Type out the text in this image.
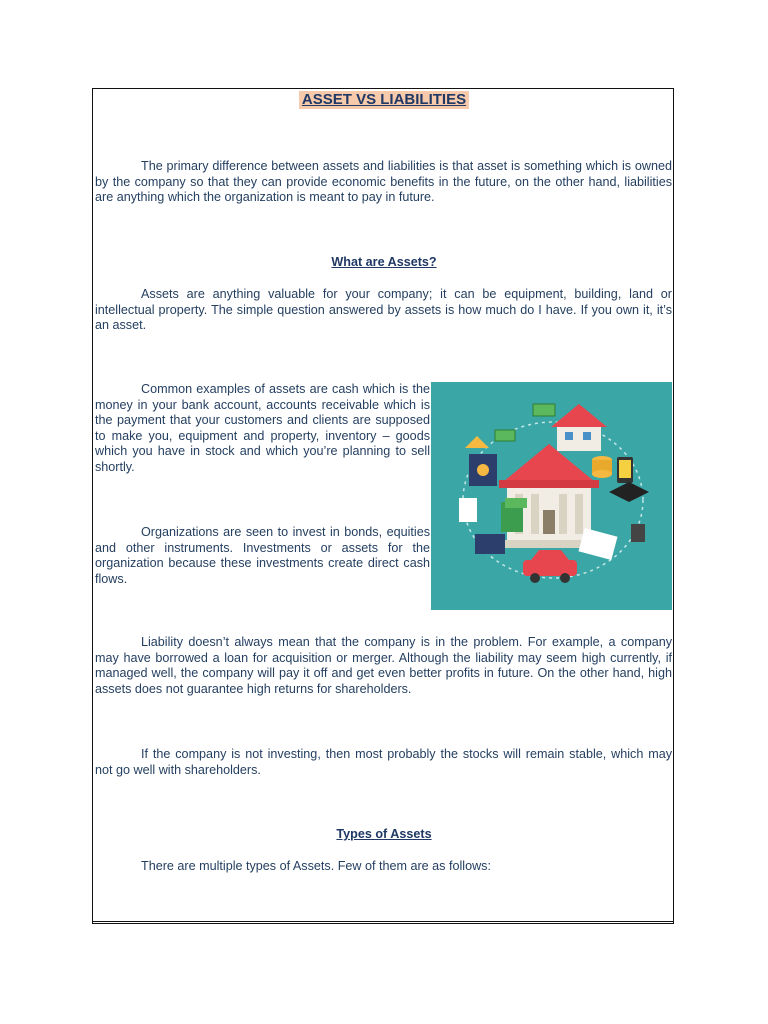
ASSET VS LIABILITIES

The primary difference between assets and liabilities is that asset is something which is owned by the company so that they can provide economic benefits in the future, on the other hand, liabilities are anything which the organization is meant to pay in future.

What are Assets?

Assets are anything valuable for your company; it can be equipment, building, land or intellectual property. The simple question answered by assets is how much do I have. If you own it, it’s an asset.

Common examples of assets are cash which is the money in your bank account, accounts receivable which is the payment that your customers and clients are supposed to make you, equipment and property, inventory – goods which you have in stock and which you’re planning to sell shortly.

Organizations are seen to invest in bonds, equities and other instruments. Investments or assets for the organization because these investments create direct cash flows.

Liability doesn’t always mean that the company is in the problem. For example, a company may have borrowed a loan for acquisition or merger. Although the liability may seem high currently, if managed well, the company will pay it off and get even better profits in future. On the other hand, high assets does not guarantee high returns for shareholders.

If the company is not investing, then most probably the stocks will remain stable, which may not go well with shareholders.

Types of Assets

There are multiple types of Assets. Few of them are as follows:
